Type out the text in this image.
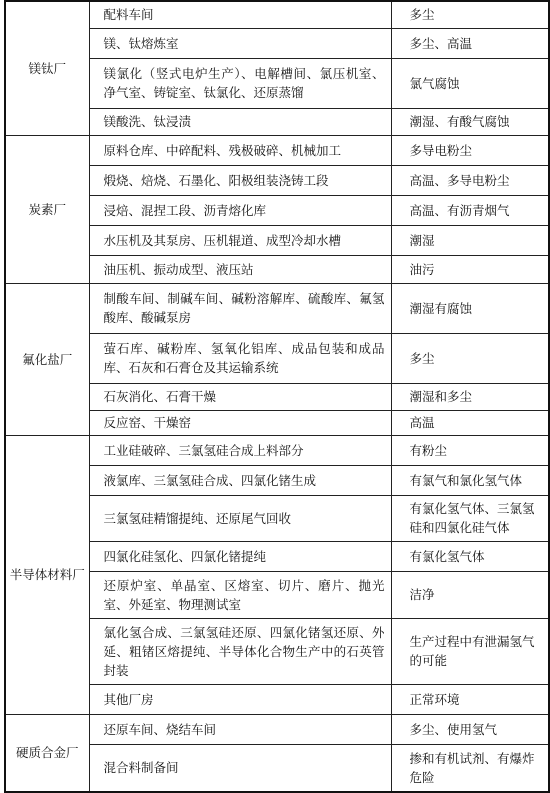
镁钛厂	配料车间	多尘
	镁、钛熔炼室	多尘、高温
	镁氯化（竖式电炉生产）、电解槽间、氯压机室、净气室、铸锭室、钛氯化、还原蒸馏	氯气腐蚀
	镁酸洗、钛浸渍	潮湿、有酸气腐蚀
炭素厂	原料仓库、中碎配料、残极破碎、机械加工	多导电粉尘
	煅烧、焙烧、石墨化、阳极组装浇铸工段	高温、多导电粉尘
	浸焙、混捏工段、沥青熔化库	高温、有沥青烟气
	水压机及其泵房、压机辊道、成型冷却水槽	潮湿
	油压机、振动成型、液压站	油污
氟化盐厂	制酸车间、制碱车间、碱粉溶解库、硫酸库、氟氢酸库、酸碱泵房	潮湿有腐蚀
	萤石库、碱粉库、氢氧化铝库、成品包装和成品库、石灰和石膏仓及其运输系统	多尘
	石灰消化、石膏干燥	潮湿和多尘
	反应窑、干燥窑	高温
半导体材料厂	工业硅破碎、三氯氢硅合成上料部分	有粉尘
	液氯库、三氯氢硅合成、四氯化锗生成	有氯气和氯化氢气体
	三氯氢硅精馏提纯、还原尾气回收	有氯化氢气体、三氯氢硅和四氯化硅气体
	四氯化硅氢化、四氯化锗提纯	有氯化氢气体
	还原炉室、单晶室、区熔室、切片、磨片、抛光室、外延室、物理测试室	洁净
	氯化氢合成、三氯氢硅还原、四氯化锗氢还原、外延、粗锗区熔提纯、半导体化合物生产中的石英管封装	生产过程中有泄漏氢气的可能
	其他厂房	正常环境
硬质合金厂	还原车间、烧结车间	多尘、使用氢气
	混合料制备间	掺和有机试剂、有爆炸危险
